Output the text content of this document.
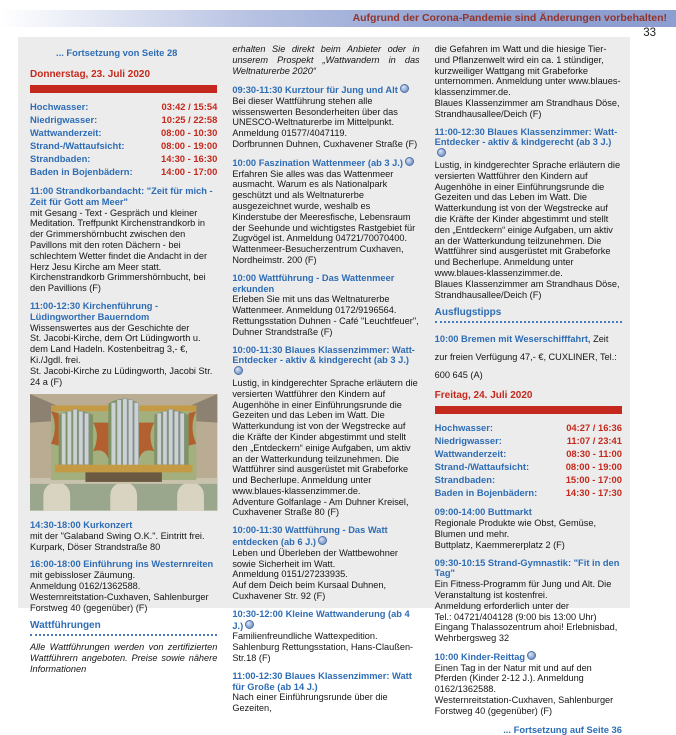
Aufgrund der Corona-Pandemie sind Änderungen vorbehalten!
33
... Fortsetzung von Seite 28
Donnerstag, 23. Juli 2020
Hochwasser:	03:42 / 15:54
Niedrigwasser:	10:25 / 22:58
Wattwanderzeit:	08:00 - 10:30
Strand-/Wattaufsicht:	08:00 - 19:00
Strandbaden:	14:30 - 16:30
Baden in Bojenbädern:	14:00 - 17:00
11:00 Strandkorbandacht: "Zeit für mich - Zeit für Gott am Meer"
mit Gesang - Text - Gespräch und kleiner Meditation. Treffpunkt Kirchenstrandkorb in der Grimmershörnbucht zwischen den Pavillons mit den roten Dächern - bei schlechtem Wetter findet die Andacht in der Herz Jesu Kirche am Meer statt.
Kirchenstrandkorb Grimmershörnbucht, bei den Pavillions (F)
11:00-12:30 Kirchenführung - Lüdingworther Bauerndom
Wissenswertes aus der Geschichte der
St. Jacobi-Kirche, dem Ort Lüdingworth u. dem Land Hadeln. Kostenbeitrag 3,- €, Ki./Jgdl. frei.
St. Jacobi-Kirche zu Lüdingworth, Jacobi Str. 24 a (F)
14:30-18:00 Kurkonzert
mit der "Galaband Swing O.K.". Eintritt frei.
Kurpark, Döser Strandstraße 80
16:00-18:00 Einführung ins Westernreiten
mit gebissloser Zäumung.
Anmeldung 0162/1362588.
Westernreitstation-Cuxhaven, Sahlenburger Forstweg 40 (gegenüber) (F)
Wattführungen
Alle Wattführungen werden von zertifizierten Wattführern angeboten. Preise sowie nähere Informationen
erhalten Sie direkt beim Anbieter oder in unserem Prospekt „Wattwandern in das Weltnaturerbe 2020“
09:30-11:30 Kurztour für Jung und Alt
Bei dieser Wattführung stehen alle wissenswerten Besonderheiten über das UNESCO-Weltnaturerbe im Mittelpunkt. Anmeldung 01577/4047119.
Dorfbrunnen Duhnen, Cuxhavener Straße (F)
10:00 Faszination Wattenmeer (ab 3 J.)
Erfahren Sie alles was das Wattenmeer ausmacht. Warum es als Nationalpark geschützt und als Weltnaturerbe ausgezeichnet wurde, weshalb es Kinderstube der Meeresfische, Lebensraum der Seehunde und wichtigstes Rastgebiet für Zugvögel ist. Anmeldung 04721/70070400.
Wattenmeer-Besucherzentrum Cuxhaven, Nordheimstr. 200 (F)
10:00 Wattführung - Das Wattenmeer erkunden
Erleben Sie mit uns das Weltnaturerbe Wattenmeer. Anmeldung 0172/9196564.
Rettungsstation Duhnen - Café "Leuchtfeuer", Duhner Strandstraße (F)
10:00-11:30 Blaues Klassenzimmer: Watt-Entdecker - aktiv & kindgerecht (ab 3 J.)
Lustig, in kindgerechter Sprache erläutern die versierten Wattführer den Kindern auf Augenhöhe in einer Einführungsrunde die Gezeiten und das Leben im Watt. Die Watterkundung ist von der Wegstrecke auf die Kräfte der Kinder abgestimmt und stellt den „Entdeckern“ einige Aufgaben, um aktiv an der Watterkundung teilzunehmen. Die Wattführer sind ausgerüstet mit Grabeforke und Becherlupe. Anmeldung unter www.blaues-klassenzimmer.de.
Adventure Golfanlage - Am Duhner Kreisel, Cuxhavener Straße 80 (F)
10:00-11:30 Wattführung - Das Watt entdecken (ab 6 J.)
Leben und Überleben der Wattbewohner sowie Sicherheit im Watt.
Anmeldung 0151/27233935.
Auf dem Deich beim Kursaal Duhnen, Cuxhavener Str. 92 (F)
10:30-12:00 Kleine Wattwanderung (ab 4 J.)
Familienfreundliche Wattexpedition.
Sahlenburg Rettungsstation, Hans-Claußen-Str.18 (F)
11:00-12:30 Blaues Klassenzimmer: Watt für Große (ab 14 J.)
Nach einer Einführungsrunde über die Gezeiten,
die Gefahren im Watt und die hiesige Tier- und Pflanzenwelt wird ein ca. 1 stündiger, kurzweiliger Wattgang mit Grabeforke unternommen. Anmeldung unter www.blaues-klassenzimmer.de.
Blaues Klassenzimmer am Strandhaus Döse, Strandhausallee/Deich (F)
11:00-12:30 Blaues Klassenzimmer: Watt-Entdecker - aktiv & kindgerecht (ab 3 J.)
Lustig, in kindgerechter Sprache erläutern die versierten Wattführer den Kindern auf Augenhöhe in einer Einführungsrunde die Gezeiten und das Leben im Watt. Die Watterkundung ist von der Wegstrecke auf die Kräfte der Kinder abgestimmt und stellt den „Entdeckern“ einige Aufgaben, um aktiv an der Watterkundung teilzunehmen. Die Wattführer sind ausgerüstet mit Grabeforke und Becherlupe. Anmeldung unter www.blaues-klassenzimmer.de.
Blaues Klassenzimmer am Strandhaus Döse, Strandhausallee/Deich (F)
Ausflugstipps
10:00 Bremen mit Weserschifffahrt, Zeit zur freien Verfügung 47,- €, CUXLINER, Tel.: 600 645 (A)
Freitag, 24. Juli 2020
Hochwasser:	04:27 / 16:36
Niedrigwasser:	11:07 / 23:41
Wattwanderzeit:	08:30 - 11:00
Strand-/Wattaufsicht:	08:00 - 19:00
Strandbaden:	15:00 - 17:00
Baden in Bojenbädern:	14:30 - 17:30
09:00-14:00 Buttmarkt
Regionale Produkte wie Obst, Gemüse, Blumen und mehr.
Buttplatz, Kaemmererplatz 2 (F)
09:30-10:15 Strand-Gymnastik: "Fit in den Tag"
Ein Fitness-Programm für Jung und Alt. Die Veranstaltung ist kostenfrei.
Anmeldung erforderlich unter der
Tel.: 04721/404128 (9:00 bis 13:00 Uhr)
Eingang Thalassozentrum ahoi! Erlebnisbad,
Wehrbergsweg 32
10:00 Kinder-Reittag
Einen Tag in der Natur mit und auf den Pferden (Kinder 2-12 J.). Anmeldung 0162/1362588.
Westernreitstation-Cuxhaven, Sahlenburger Forstweg 40 (gegenüber) (F)
... Fortsetzung auf Seite 36
